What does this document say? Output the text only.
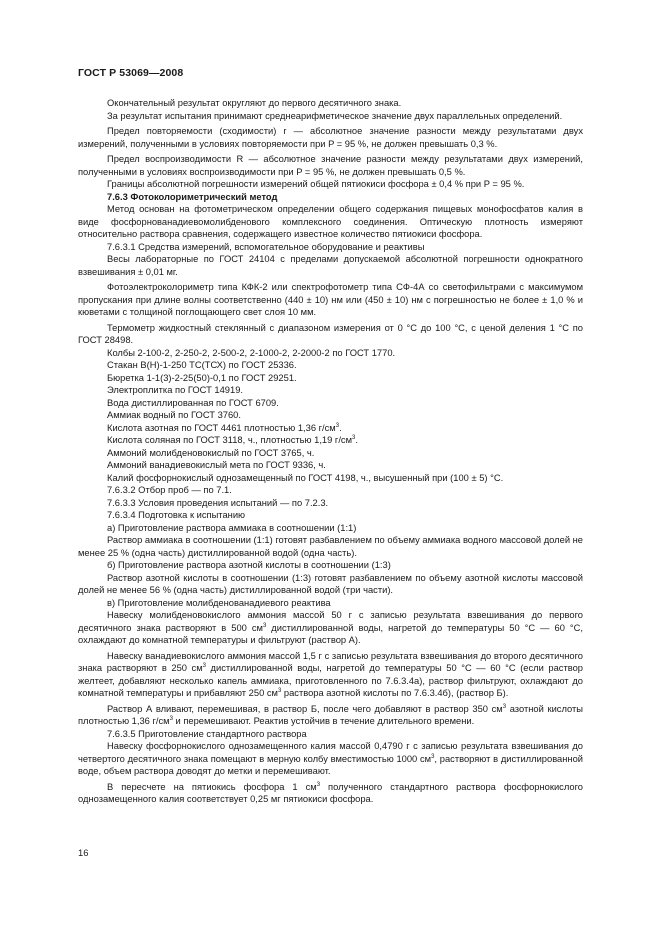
ГОСТ Р 53069—2008

Окончательный результат округляют до первого десятичного знака.

За результат испытания принимают среднеарифметическое значение двух параллельных определений.

Предел повторяемости (сходимости) r — абсолютное значение разности между результатами двух измерений, полученными в условиях повторяемости при P = 95 %, не должен превышать 0,3 %.

Предел воспроизводимости R — абсолютное значение разности между результатами двух измерений, полученными в условиях воспроизводимости при P = 95 %, не должен превышать 0,5 %.

Границы абсолютной погрешности измерений общей пятиокиси фосфора ± 0,4 % при P = 95 %.

7.6.3 Фотоколориметрический метод

Метод основан на фотометрическом определении общего содержания пищевых монофосфатов калия в виде фосфорнованадиевомолибденового комплексного соединения. Оптическую плотность измеряют относительно раствора сравнения, содержащего известное количество пятиокиси фосфора.

7.6.3.1 Средства измерений, вспомогательное оборудование и реактивы

Весы лабораторные по ГОСТ 24104 с пределами допускаемой абсолютной погрешности однократного взвешивания ± 0,01 мг.

Фотоэлектроколориметр типа КФК-2 или спектрофотометр типа СФ-4А со светофильтрами с максимумом пропускания при длине волны соответственно (440 ± 10) нм или (450 ± 10) нм с погрешностью не более ± 1,0 % и кюветами с толщиной поглощающего свет слоя 10 мм.

Термометр жидкостный стеклянный с диапазоном измерения от 0 °С до 100 °С, с ценой деления 1 °С по ГОСТ 28498.

Колбы 2-100-2, 2-250-2, 2-500-2, 2-1000-2, 2-2000-2 по ГОСТ 1770.

Стакан В(Н)-1-250 ТС(ТСХ) по ГОСТ 25336.

Бюретка 1-1(3)-2-25(50)-0,1 по ГОСТ 29251.

Электроплитка по ГОСТ 14919.

Вода дистиллированная по ГОСТ 6709.

Аммиак водный по ГОСТ 3760.

Кислота азотная по ГОСТ 4461 плотностью 1,36 $г/см^3$.

Кислота соляная по ГОСТ 3118, ч., плотностью 1,19 $г/см^3$.

Аммоний молибденовокислый по ГОСТ 3765, ч.

Аммоний ванадиевокислый мета по ГОСТ 9336, ч.

Калий фосфорнокислый однозамещенный по ГОСТ 4198, ч., высушенный при (100 ± 5) °С.

7.6.3.2 Отбор проб — по 7.1.

7.6.3.3 Условия проведения испытаний — по 7.2.3.

7.6.3.4 Подготовка к испытанию

а) Приготовление раствора аммиака в соотношении (1:1)

Раствор аммиака в соотношении (1:1) готовят разбавлением по объему аммиака водного массовой долей не менее 25 % (одна часть) дистиллированной водой (одна часть).

б) Приготовление раствора азотной кислоты в соотношении (1:3)

Раствор азотной кислоты в соотношении (1:3) готовят разбавлением по объему азотной кислоты массовой долей не менее 56 % (одна часть) дистиллированной водой (три части).

в) Приготовление молибденованадиевого реактива

Навеску молибденовокислого аммония массой 50 г с записью результата взвешивания до первого десятичного знака растворяют в 500 $см^3$ дистиллированной воды, нагретой до температуры 50 °С — 60 °С, охлаждают до комнатной температуры и фильтруют (раствор А).

Навеску ванадиевокислого аммония массой 1,5 г с записью результата взвешивания до второго десятичного знака растворяют в 250 $см^3$ дистиллированной воды, нагретой до температуры 50 °С — 60 °С (если раствор желтеет, добавляют несколько капель аммиака, приготовленного по 7.6.3.4а), раствор фильтруют, охлаждают до комнатной температуры и прибавляют 250 $см^3$ раствора азотной кислоты по 7.6.3.4б), (раствор Б).

Раствор А вливают, перемешивая, в раствор Б, после чего добавляют в раствор 350 $см^3$ азотной кислоты плотностью 1,36 $г/см^3$ и перемешивают. Реактив устойчив в течение длительного времени.

7.6.3.5 Приготовление стандартного раствора

Навеску фосфорнокислого однозамещенного калия массой 0,4790 г с записью результата взвешивания до четвертого десятичного знака помещают в мерную колбу вместимостью 1000 $см^3$, растворяют в дистиллированной воде, объем раствора доводят до метки и перемешивают.

В пересчете на пятиокись фосфора 1 $см^3$ полученного стандартного раствора фосфорнокислого однозамещенного калия соответствует 0,25 мг пятиокиси фосфора.

16
